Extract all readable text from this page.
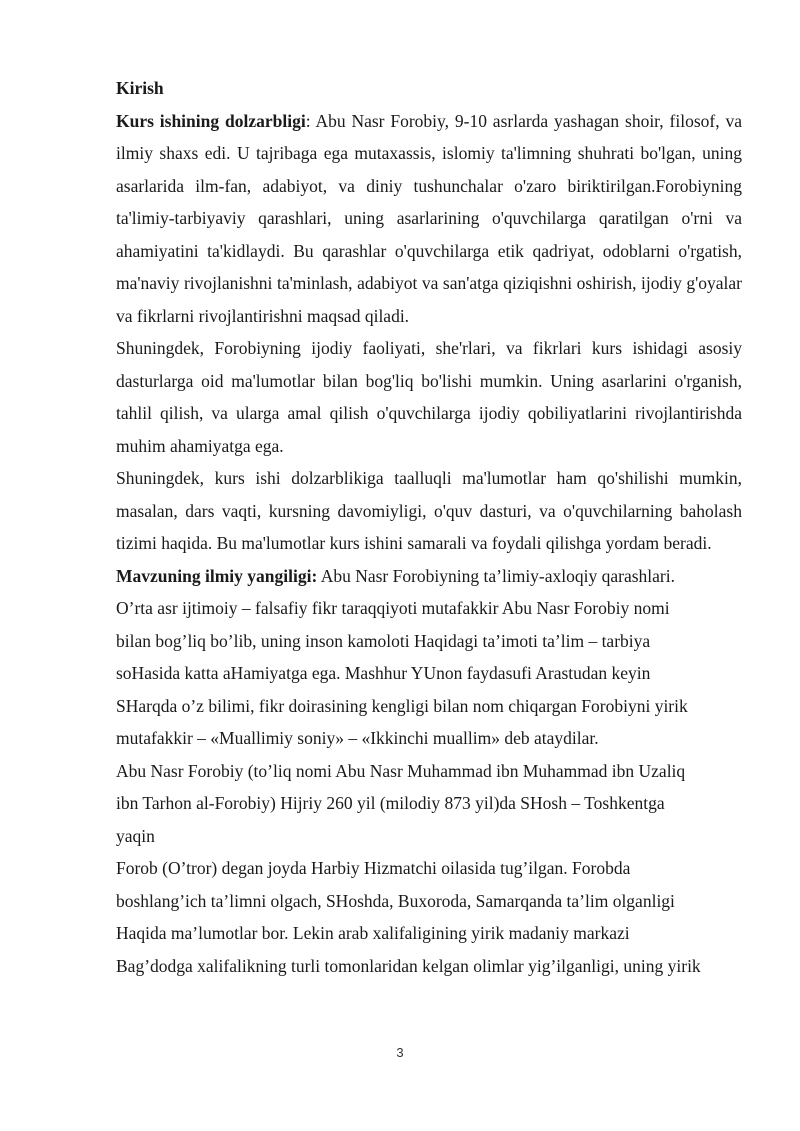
Kirish

Kurs ishining dolzarbligi: Abu Nasr Forobiy, 9-10 asrlarda yashagan shoir, filosof, va ilmiy shaxs edi. U tajribaga ega mutaxassis, islomiy ta'limning shuhrati bo'lgan, uning asarlarida ilm-fan, adabiyot, va diniy tushunchalar o'zaro biriktirilgan.Forobiyning ta'limiy-tarbiyaviy qarashlari, uning asarlarining o'quvchilarga qaratilgan o'rni va ahamiyatini ta'kidlaydi. Bu qarashlar o'quvchilarga etik qadriyat, odoblarni o'rgatish, ma'naviy rivojlanishni ta'minlash, adabiyot va san'atga qiziqishni oshirish, ijodiy g'oyalar va fikrlarni rivojlantirishni maqsad qiladi.

Shuningdek, Forobiyning ijodiy faoliyati, she'rlari, va fikrlari kurs ishidagi asosiy dasturlarga oid ma'lumotlar bilan bog'liq bo'lishi mumkin. Uning asarlarini o'rganish, tahlil qilish, va ularga amal qilish o'quvchilarga ijodiy qobiliyatlarini rivojlantirishda muhim ahamiyatga ega.

Shuningdek, kurs ishi dolzarblikiga taalluqli ma'lumotlar ham qo'shilishi mumkin, masalan, dars vaqti, kursning davomiyligi, o'quv dasturi, va o'quvchilarning baholash tizimi haqida. Bu ma'lumotlar kurs ishini samarali va foydali qilishga yordam beradi.

Mavzuning ilmiy yangiligi: Abu Nasr Forobiyning ta’limiy-axloqiy qarashlari.

O’rta asr ijtimoiy – falsafiy fikr taraqqiyoti mutafakkir Abu Nasr Forobiy nomi
bilan bog’liq bo’lib, uning inson kamoloti Haqidagi ta’imoti ta’lim – tarbiya
soHasida katta aHamiyatga ega. Mashhur YUnon faydasufi Arastudan keyin
SHarqda o’z bilimi, fikr doirasining kengligi bilan nom chiqargan Forobiyni yirik
mutafakkir – «Muallimiy soniy» – «Ikkinchi muallim» deb ataydilar.

Abu Nasr Forobiy (to’liq nomi Abu Nasr Muhammad ibn Muhammad ibn Uzaliq
ibn Tarhon al-Forobiy) Hijriy 260 yil (milodiy 873 yil)da SHosh – Toshkentga
yaqin

Forob (O’tror) degan joyda Harbiy Hizmatchi oilasida tug’ilgan. Forobda
boshlang’ich ta’limni olgach, SHoshda, Buxoroda, Samarqanda ta’lim olganligi
Haqida ma’lumotlar bor. Lekin arab xalifaligining yirik madaniy markazi
Bag’dodga xalifalikning turli tomonlaridan kelgan olimlar yig’ilganligi, uning yirik

3
